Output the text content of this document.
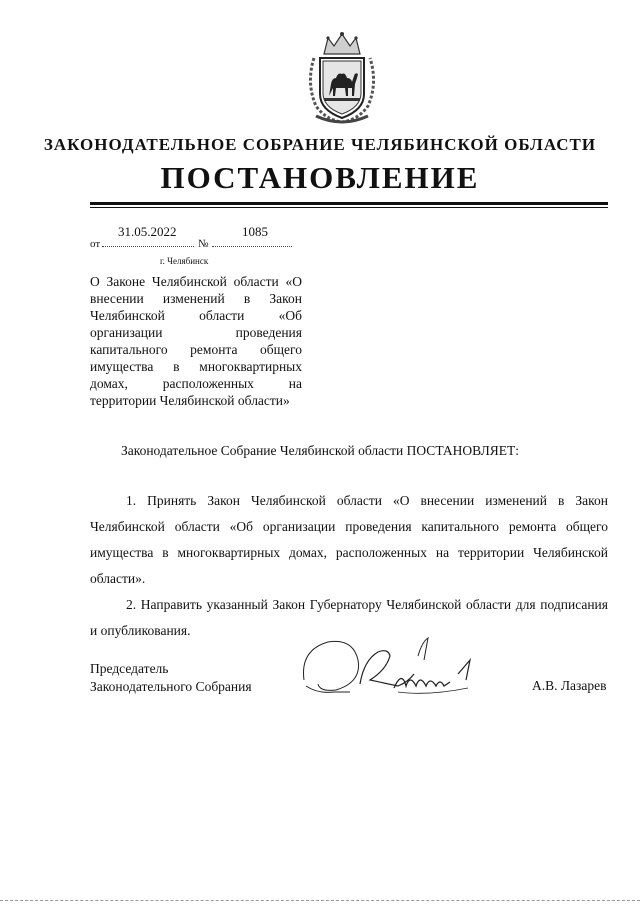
ЗАКОНОДАТЕЛЬНОЕ СОБРАНИЕ ЧЕЛЯБИНСКОЙ ОБЛАСТИ
ПОСТАНОВЛЕНИЕ
от
31.05.2022
№
1085
г. Челябинск
О Законе Челябинской области «О внесении изменений в Закон Челябинской области «Об организации проведения капитального ремонта общего имущества в многоквартирных домах, расположенных на территории Челябинской области»
Законодательное Собрание Челябинской области ПОСТАНОВЛЯЕТ:

1. Принять Закон Челябинской области «О внесении изменений в Закон Челябинской области «Об организации проведения капитального ремонта общего имущества в многоквартирных домах, расположенных на территории Челябинской области».

2. Направить указанный Закон Губернатору Челябинской области для подписания и опубликования.

Председатель
Законодательного Собрания	А.В. Лазарев
